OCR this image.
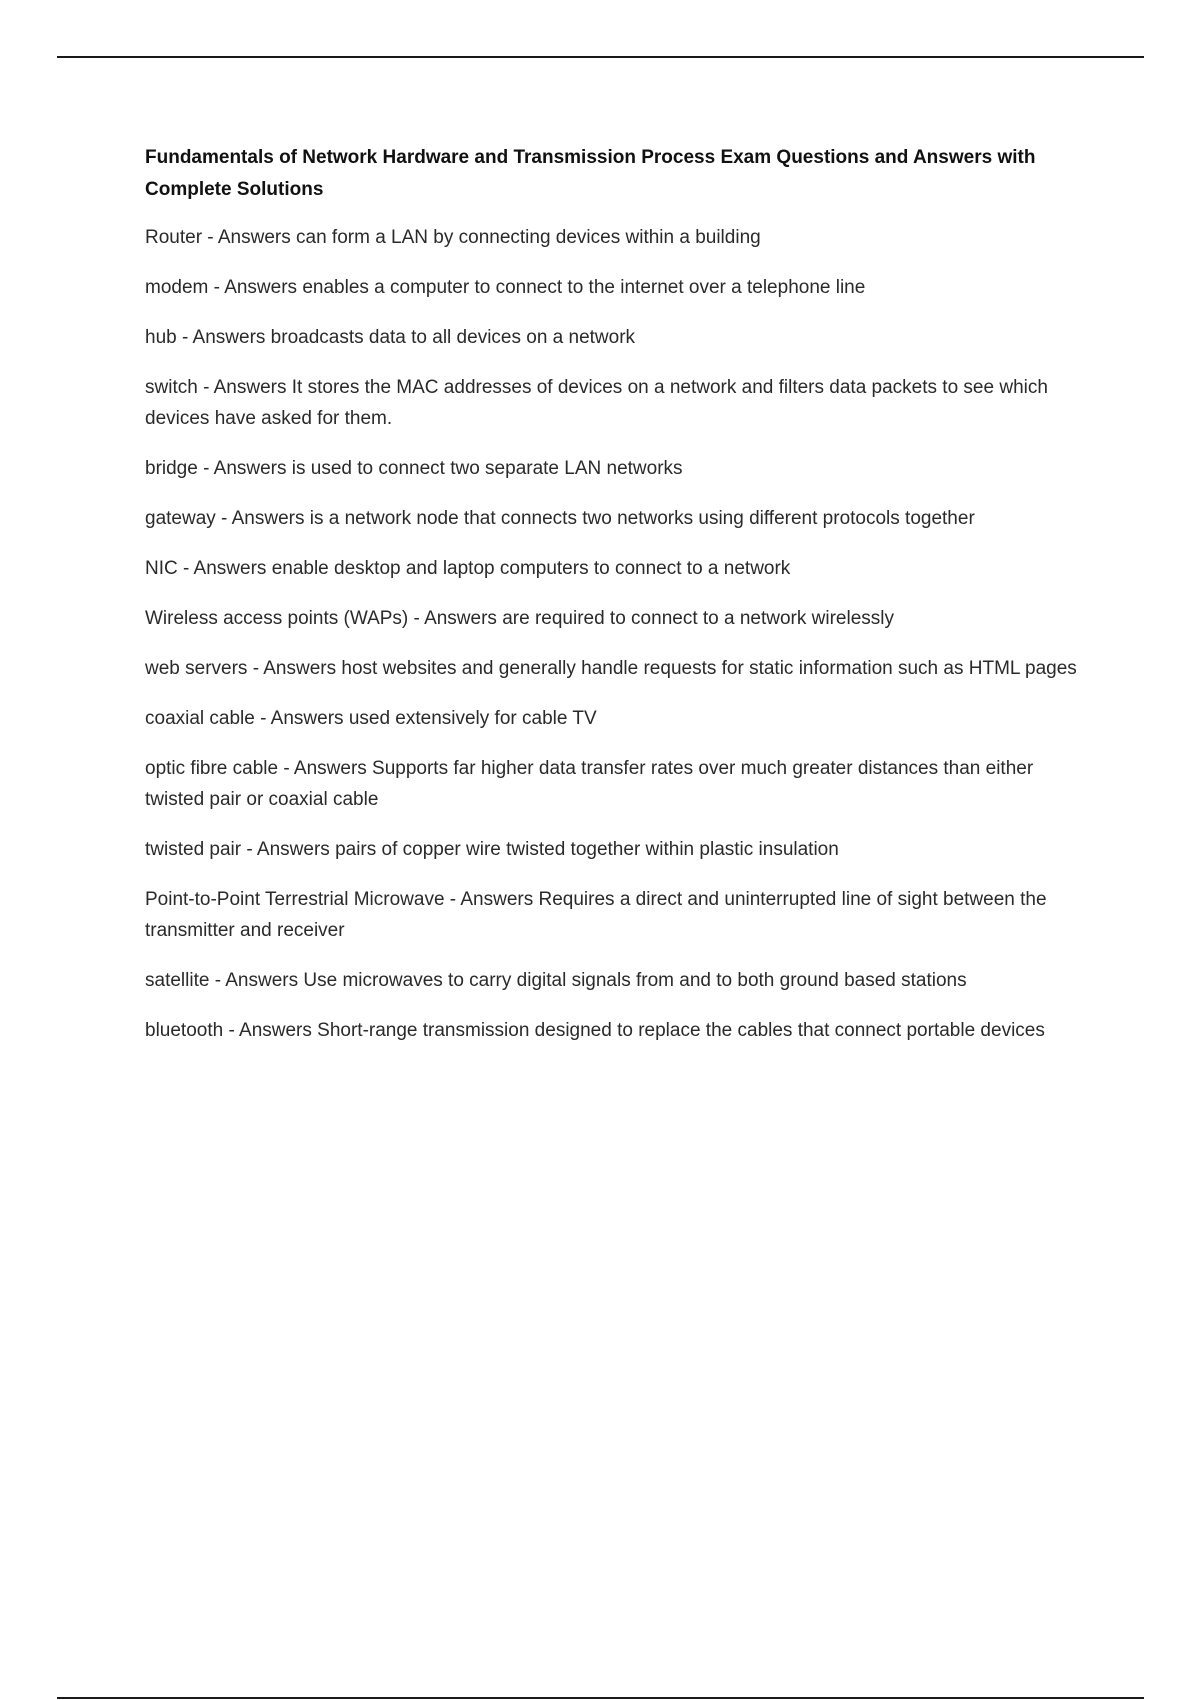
Fundamentals of Network Hardware and Transmission Process Exam Questions and Answers with Complete Solutions

Router - Answers can form a LAN by connecting devices within a building

modem - Answers enables a computer to connect to the internet over a telephone line

hub - Answers broadcasts data to all devices on a network

switch - Answers It stores the MAC addresses of devices on a network and filters data packets to see which devices have asked for them.

bridge - Answers is used to connect two separate LAN networks

gateway - Answers is a network node that connects two networks using different protocols together

NIC - Answers enable desktop and laptop computers to connect to a network

Wireless access points (WAPs) - Answers are required to connect to a network wirelessly

web servers - Answers host websites and generally handle requests for static information such as HTML pages

coaxial cable - Answers used extensively for cable TV

optic fibre cable - Answers Supports far higher data transfer rates over much greater distances than either twisted pair or coaxial cable

twisted pair - Answers pairs of copper wire twisted together within plastic insulation

Point-to-Point Terrestrial Microwave - Answers Requires a direct and uninterrupted line of sight between the transmitter and receiver

satellite - Answers Use microwaves to carry digital signals from and to both ground based stations

bluetooth - Answers Short-range transmission designed to replace the cables that connect portable devices
